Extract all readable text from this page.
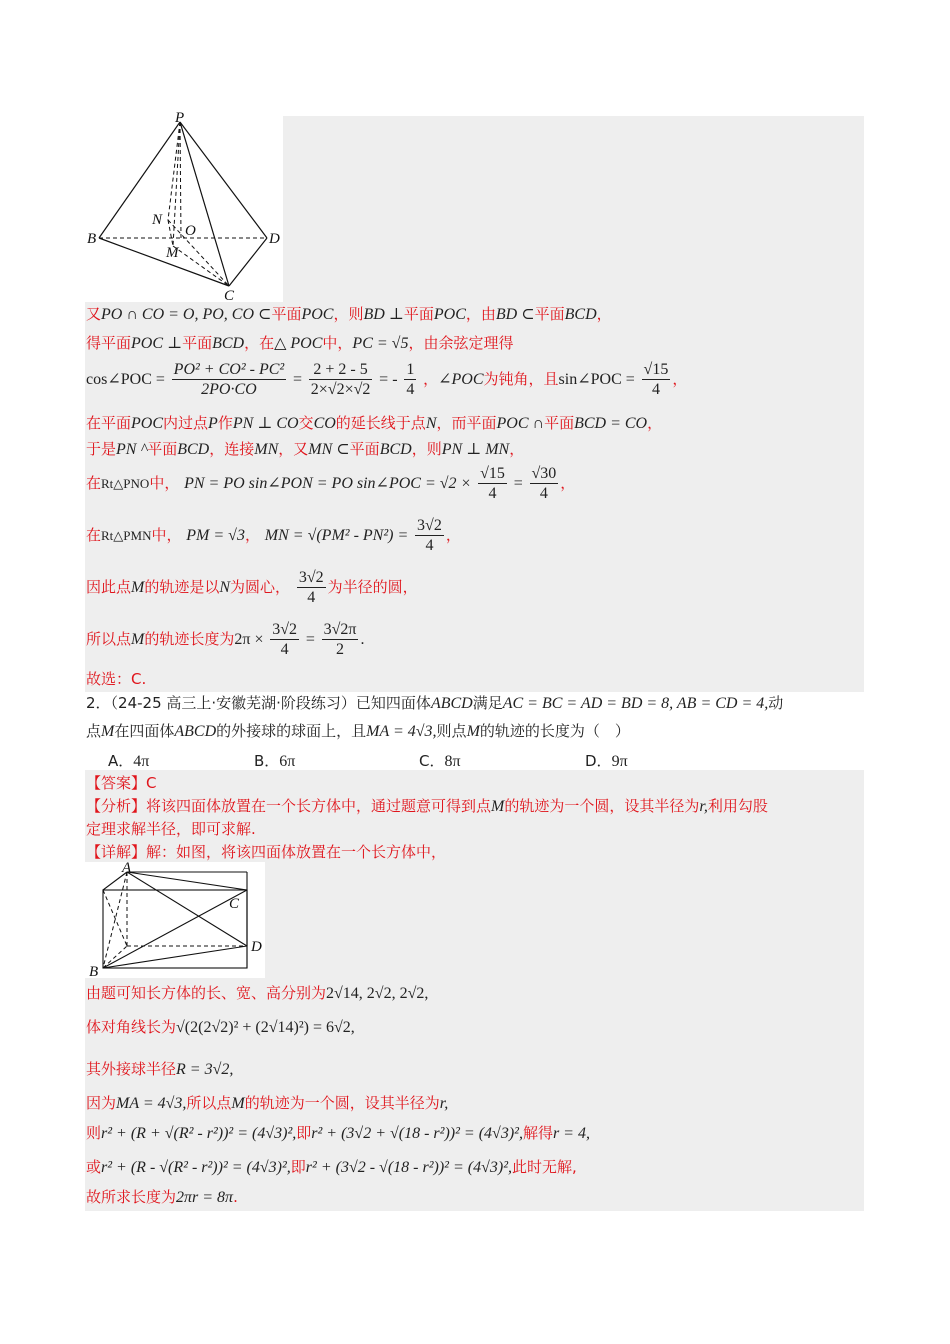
P
B	D
C
N
O
M
又PO ∩ CO = O, PO, CO ⊂平面POC，则BD ⊥平面POC，由BD ⊂平面BCD，
得平面POC ⊥平面BCD，在△ POC中，PC = √5，由余弦定理得
cos∠POC = $\frac{\text{PO² + CO² - PC²}}{2PO\cdot CO} = \frac{2 + 2 - 5}{2\times√2\times√2}$ = - $\frac{1}{4}$ ，∠POC为钝角，且sin∠POC = $\frac{√15}{4}$ ，
在平面POC内过点P作PN ⊥ CO交CO的延长线于点N，而平面POC ∩平面BCD = CO，
于是PN ^平面BCD，连接MN，又MN ⊂平面BCD，则PN ⊥ MN，
在Rt△PNO中， PN = PO sin∠PON = PO sin∠POC = $√2 \times \frac{√15}{4} = \frac{√30}{4}$ ，
在Rt△PMN中， PM = √3， MN = $√(PM^2 - PN^2) = \frac{3√2}{4}$ ，
因此点M的轨迹是以N为圆心， $\frac{3√2}{4}$ 为半径的圆，
所以点M的轨迹长度为$2\pi \times \frac{3√2}{4} = \frac{3√2\pi}{2}$ .
故选：C.
2．（24-25 高三上·安徽芜湖·阶段练习）已知四面体ABCD满足AC = BC = AD = BD = 8, AB = CD = 4,动
点M在四面体ABCD的外接球的球面上，且MA = 4√3,则点M的轨迹的长度为（　）
A．4π	B．6π	C．8π	D．9π
【答案】C
【分析】将该四面体放置在一个长方体中，通过题意可得到点M的轨迹为一个圆，设其半径为r,利用勾股
定理求解半径，即可求解.
【详解】解：如图，将该四面体放置在一个长方体中，
A
C
D
B
由题可知长方体的长、宽、高分别为2√14, 2√2, 2√2,
体对角线长为√(2(2√2)² + (2√14)²) = 6√2,
其外接球半径R = 3√2,
因为MA = 4√3,所以点M的轨迹为一个圆，设其半径为r,
则r² + (R + √(R² - r²))² = (4√3)²,即r² + (3√2 + √(18 - r²))² = (4√3)²,解得r = 4,
或r² + (R - √(R² - r²))² = (4√3)²,即r² + (3√2 - √(18 - r²))² = (4√3)²,此时无解,
故所求长度为2πr = 8π.
